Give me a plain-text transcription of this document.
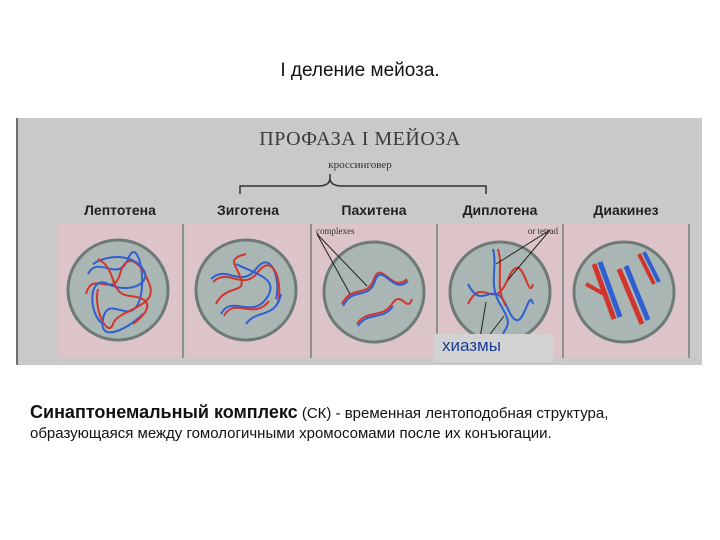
I деление мейоза.
ПРОФАЗА I МЕЙОЗА
кроссинговер
Лептотена	Зиготена	Пахитена
complexes
Диплотена
or tetrad
Диакинез
хиазмы
Синаптонемальный комплекс (СК) - временная лентоподобная структура, образующаяся между гомологичными хромосомами после их конъюгации.
